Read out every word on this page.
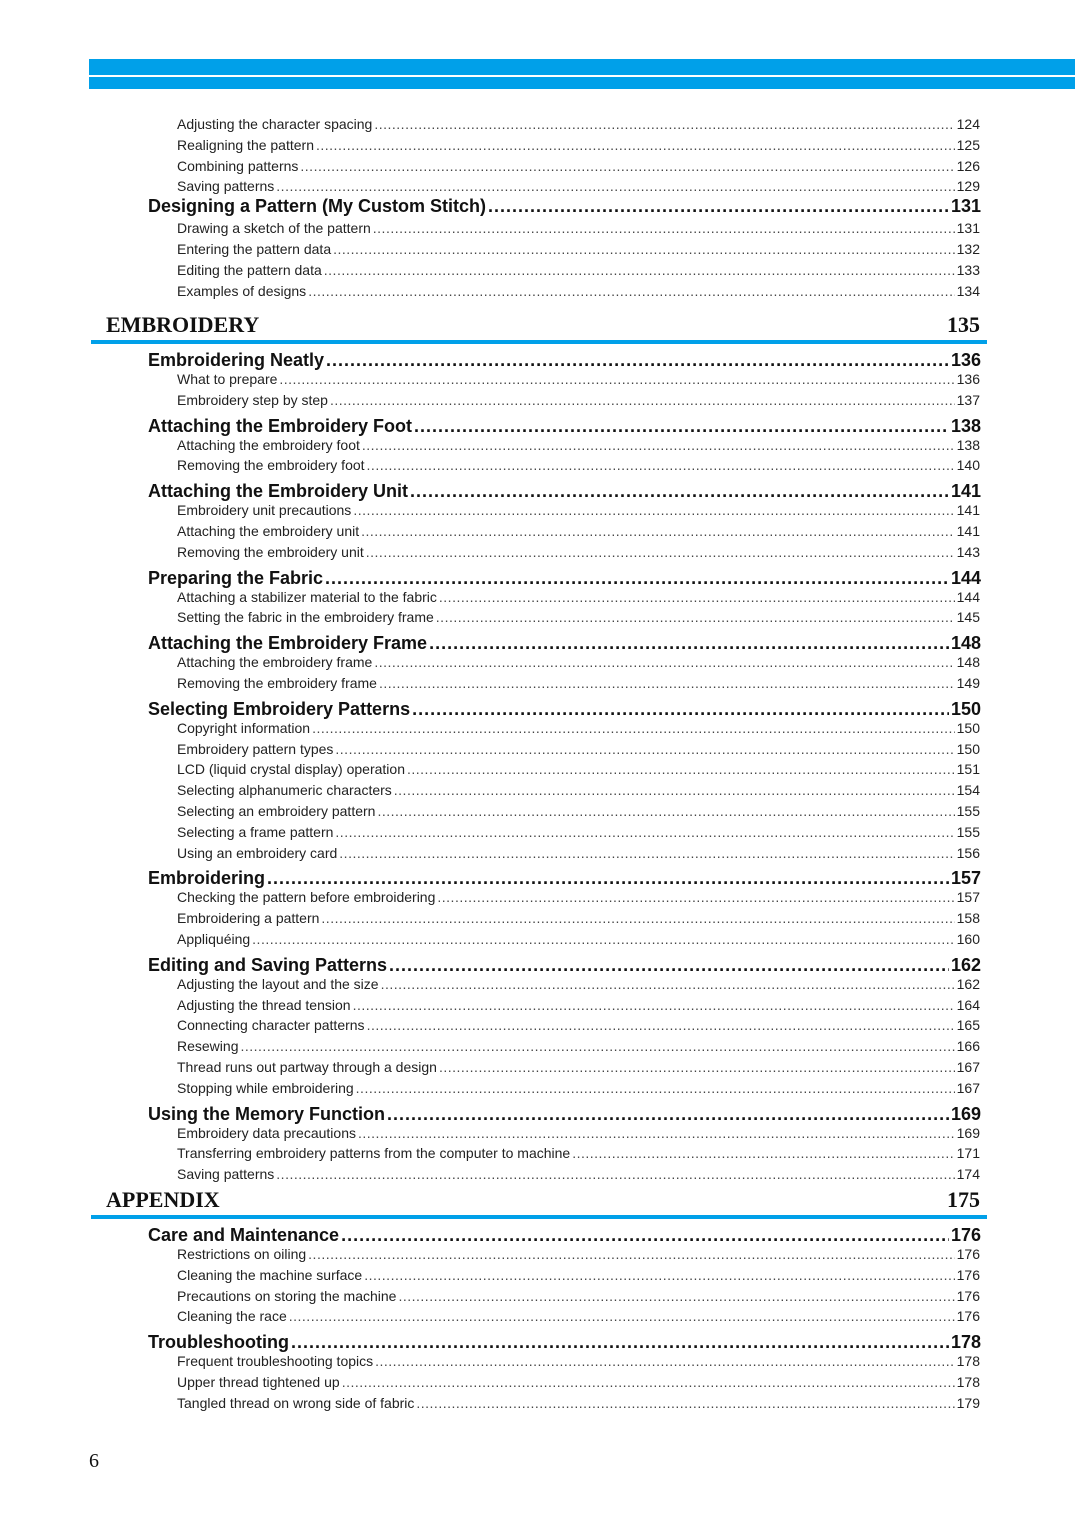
Adjusting the character spacing .....	124
Realigning the pattern .....	125
Combining patterns .....	126
Saving patterns .....	129
Designing a Pattern (My Custom Stitch) .....	131
Drawing a sketch of the pattern .....	131
Entering the pattern data .....	132
Editing the pattern data .....	133
Examples of designs .....	134
EMBROIDERY	135
Embroidering Neatly .....	136
What to prepare .....	136
Embroidery step by step .....	137
Attaching the Embroidery Foot .....	138
Attaching the embroidery foot .....	138
Removing the embroidery foot .....	140
Attaching the Embroidery Unit .....	141
Embroidery unit precautions .....	141
Attaching the embroidery unit .....	141
Removing the embroidery unit .....	143
Preparing the Fabric .....	144
Attaching a stabilizer material to the fabric .....	144
Setting the fabric in the embroidery frame .....	145
Attaching the Embroidery Frame .....	148
Attaching the embroidery frame .....	148
Removing the embroidery frame .....	149
Selecting Embroidery Patterns .....	150
Copyright information .....	150
Embroidery pattern types .....	150
LCD (liquid crystal display) operation .....	151
Selecting alphanumeric characters .....	154
Selecting an embroidery pattern .....	155
Selecting a frame pattern .....	155
Using an embroidery card .....	156
Embroidering .....	157
Checking the pattern before embroidering .....	157
Embroidering a pattern .....	158
Appliquéing .....	160
Editing and Saving Patterns .....	162
Adjusting the layout and the size .....	162
Adjusting the thread tension .....	164
Connecting character patterns .....	165
Resewing .....	166
Thread runs out partway through a design .....	167
Stopping while embroidering .....	167
Using the Memory Function .....	169
Embroidery data precautions .....	169
Transferring embroidery patterns from the computer to machine .....	171
Saving patterns .....	174
APPENDIX	175
Care and Maintenance .....	176
Restrictions on oiling .....	176
Cleaning the machine surface .....	176
Precautions on storing the machine .....	176
Cleaning the race .....	176
Troubleshooting .....	178
Frequent troubleshooting topics .....	178
Upper thread tightened up .....	178
Tangled thread on wrong side of fabric .....	179
6
